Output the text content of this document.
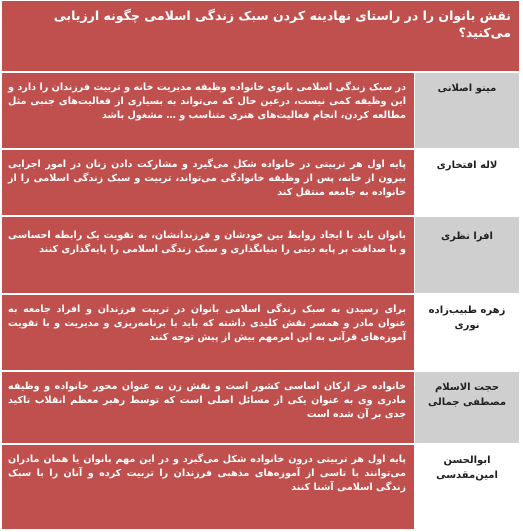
نقش بانوان را در راستای نهادینه کردن سبک زندگی اسلامی چگونه ارزیابی می‌کنید؟
در سبک زندگی اسلامی بانوی خانواده وظیفه مدیریت خانه و تربیت فرزندان را دارد و این وظیفه کمی نیست، درعین حال که می‌تواند به بسیاری از فعالیت‌های جنبی مثل مطالعه کردن، انجام فعالیت‌های هنری متناسب و … مشغول باشد
مینو اصلانی
پایه اول هر تربیتی در خانواده شکل می‌گیرد و مشارکت دادن زنان در امور اجرایی بیرون از خانه، پس از وظیفه خانوادگی می‌تواند، تربیت و سبک زندگی اسلامی را از خانواده به جامعه منتقل کند
لاله افتخاری
بانوان باید با ایجاد روابط بین خودشان و فرزندانشان، به تقویت یک رابطه احساسی و با صداقت بر پایه دینی را بنیانگذاری و سبک زندگی اسلامی را پایه‌گذاری کنند
افرا نظری
برای رسیدن به سبک زندگی اسلامی بانوان در تربیت فرزندان و افراد جامعه به عنوان مادر و همسر نقش کلیدی داشته که باید با برنامه‌ریزی و مدیریت و با تقویت آموزه‌های قرآنی به این امرمهم بیش از پیش توجه کنند
زهره طبیب‌زاده نوری
خانواده جز ارکان اساسی کشور است و نقش زن به عنوان محور خانواده و وظیفه مادری وی به عنوان یکی از مسائل اصلی است که توسط رهبر معظم انقلاب تاکید جدی بر آن شده است
حجت الاسلام مصطفی جمالی
پایه اول هر تربیتی درون خانواده شکل می‌گیرد و در این مهم بانوان یا همان مادران می‌توانند با تاسی از آموزه‌های مذهبی فرزندان را تربیت کرده و آنان را با سبک زندگی اسلامی آشنا کنند
ابوالحسن امین‌مقدسی
